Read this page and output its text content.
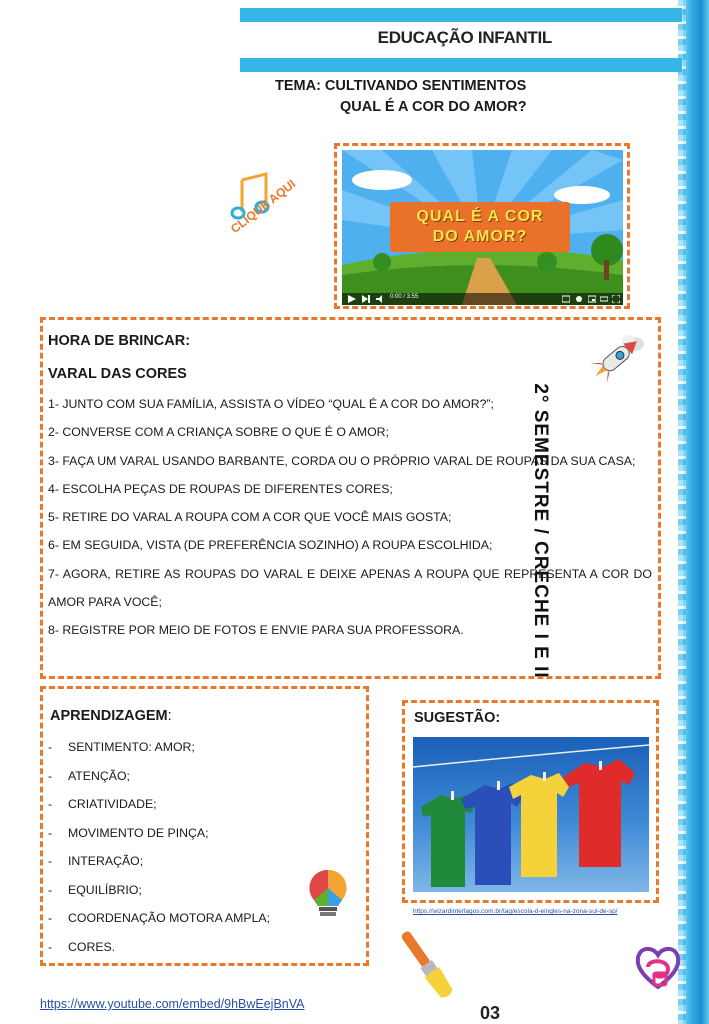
EDUCAÇÃO INFANTIL
2° SEMESTRE / CRECHE I E II
TEMA: CULTIVANDO SENTIMENTOS
QUAL É A COR DO AMOR?
CLIQUE AQUI	QUAL É A COR
DO AMOR?
0:00 / 3:55
HORA DE BRINCAR:
VARAL DAS CORES

1- JUNTO COM SUA FAMÍLIA, ASSISTA O VÍDEO “QUAL É A COR DO AMOR?”;

2- CONVERSE COM A CRIANÇA SOBRE O QUE É O AMOR;

3- FAÇA UM VARAL USANDO BARBANTE, CORDA OU O PRÓPRIO VARAL DE ROUPAS DA SUA CASA;

4- ESCOLHA PEÇAS DE ROUPAS DE DIFERENTES CORES;

5- RETIRE DO VARAL A ROUPA COM A COR QUE VOCÊ MAIS GOSTA;

6- EM SEGUIDA, VISTA (DE PREFERÊNCIA SOZINHO) A ROUPA ESCOLHIDA;

7- AGORA, RETIRE AS ROUPAS DO VARAL E DEIXE APENAS A ROUPA QUE REPRESENTA A COR DO AMOR PARA VOCÊ;

8- REGISTRE POR MEIO DE FOTOS E ENVIE PARA SUA PROFESSORA.

APRENDIZAGEM:
-	SENTIMENTO: AMOR;
-	ATENÇÃO;
-	CRIATIVIDADE;
-	MOVIMENTO DE PINÇA;
-	INTERAÇÃO;
-	EQUILÍBRIO;
-	COORDENAÇÃO MOTORA AMPLA;
-	CORES.
SUGESTÃO:
https://wizardinterlagos.com.br/tag/escola-d-eingles-na-zona-sul-de-sp/
https://www.youtube.com/embed/9hBwEejBnVA	03
